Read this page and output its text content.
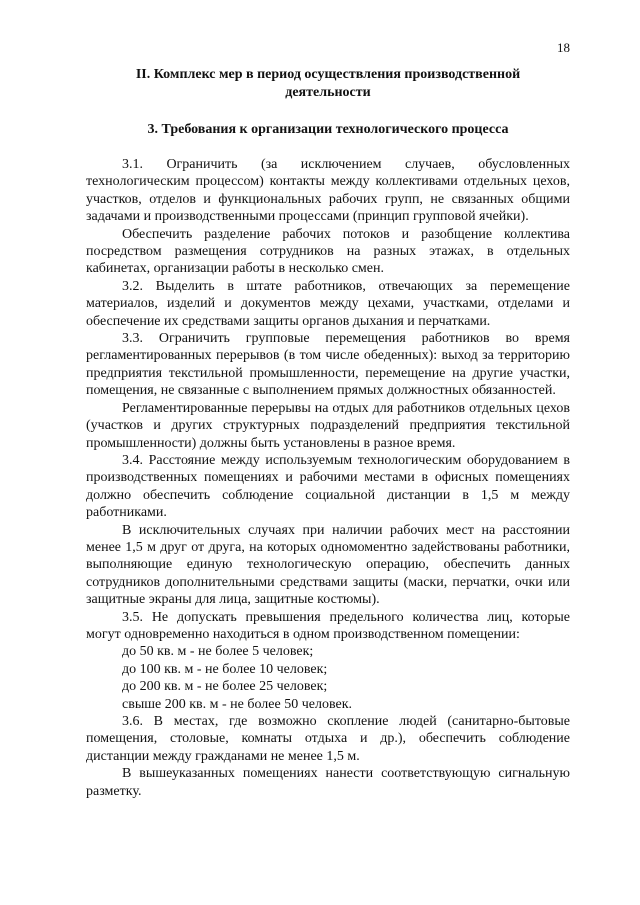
18
II. Комплекс мер в период осуществления производственной
деятельности
3. Требования к организации технологического процесса

3.1. Ограничить (за исключением случаев, обусловленных технологическим процессом) контакты между коллективами отдельных цехов, участков, отделов и функциональных рабочих групп, не связанных общими задачами и производственными процессами (принцип групповой ячейки).

Обеспечить разделение рабочих потоков и разобщение коллектива посредством размещения сотрудников на разных этажах, в отдельных кабинетах, организации работы в несколько смен.

3.2. Выделить в штате работников, отвечающих за перемещение материалов, изделий и документов между цехами, участками, отделами и обеспечение их средствами защиты органов дыхания и перчатками.

3.3. Ограничить групповые перемещения работников во время регламентированных перерывов (в том числе обеденных): выход за территорию предприятия текстильной промышленности, перемещение на другие участки, помещения, не связанные с выполнением прямых должностных обязанностей.

Регламентированные перерывы на отдых для работников отдельных цехов (участков и других структурных подразделений предприятия текстильной промышленности) должны быть установлены в разное время.

3.4. Расстояние между используемым технологическим оборудованием в производственных помещениях и рабочими местами в офисных помещениях должно обеспечить соблюдение социальной дистанции в 1,5 м между работниками.

В исключительных случаях при наличии рабочих мест на расстоянии менее 1,5 м друг от друга, на которых одномоментно задействованы работники, выполняющие единую технологическую операцию, обеспечить данных сотрудников дополнительными средствами защиты (маски, перчатки, очки или защитные экраны для лица, защитные костюмы).

3.5. Не допускать превышения предельного количества лиц, которые могут одновременно находиться в одном производственном помещении:

до 50 кв. м - не более 5 человек;

до 100 кв. м - не более 10 человек;

до 200 кв. м - не более 25 человек;

свыше 200 кв. м - не более 50 человек.

3.6. В местах, где возможно скопление людей (санитарно-бытовые помещения, столовые, комнаты отдыха и др.), обеспечить соблюдение дистанции между гражданами не менее 1,5 м.

В вышеуказанных помещениях нанести соответствующую сигнальную разметку.
